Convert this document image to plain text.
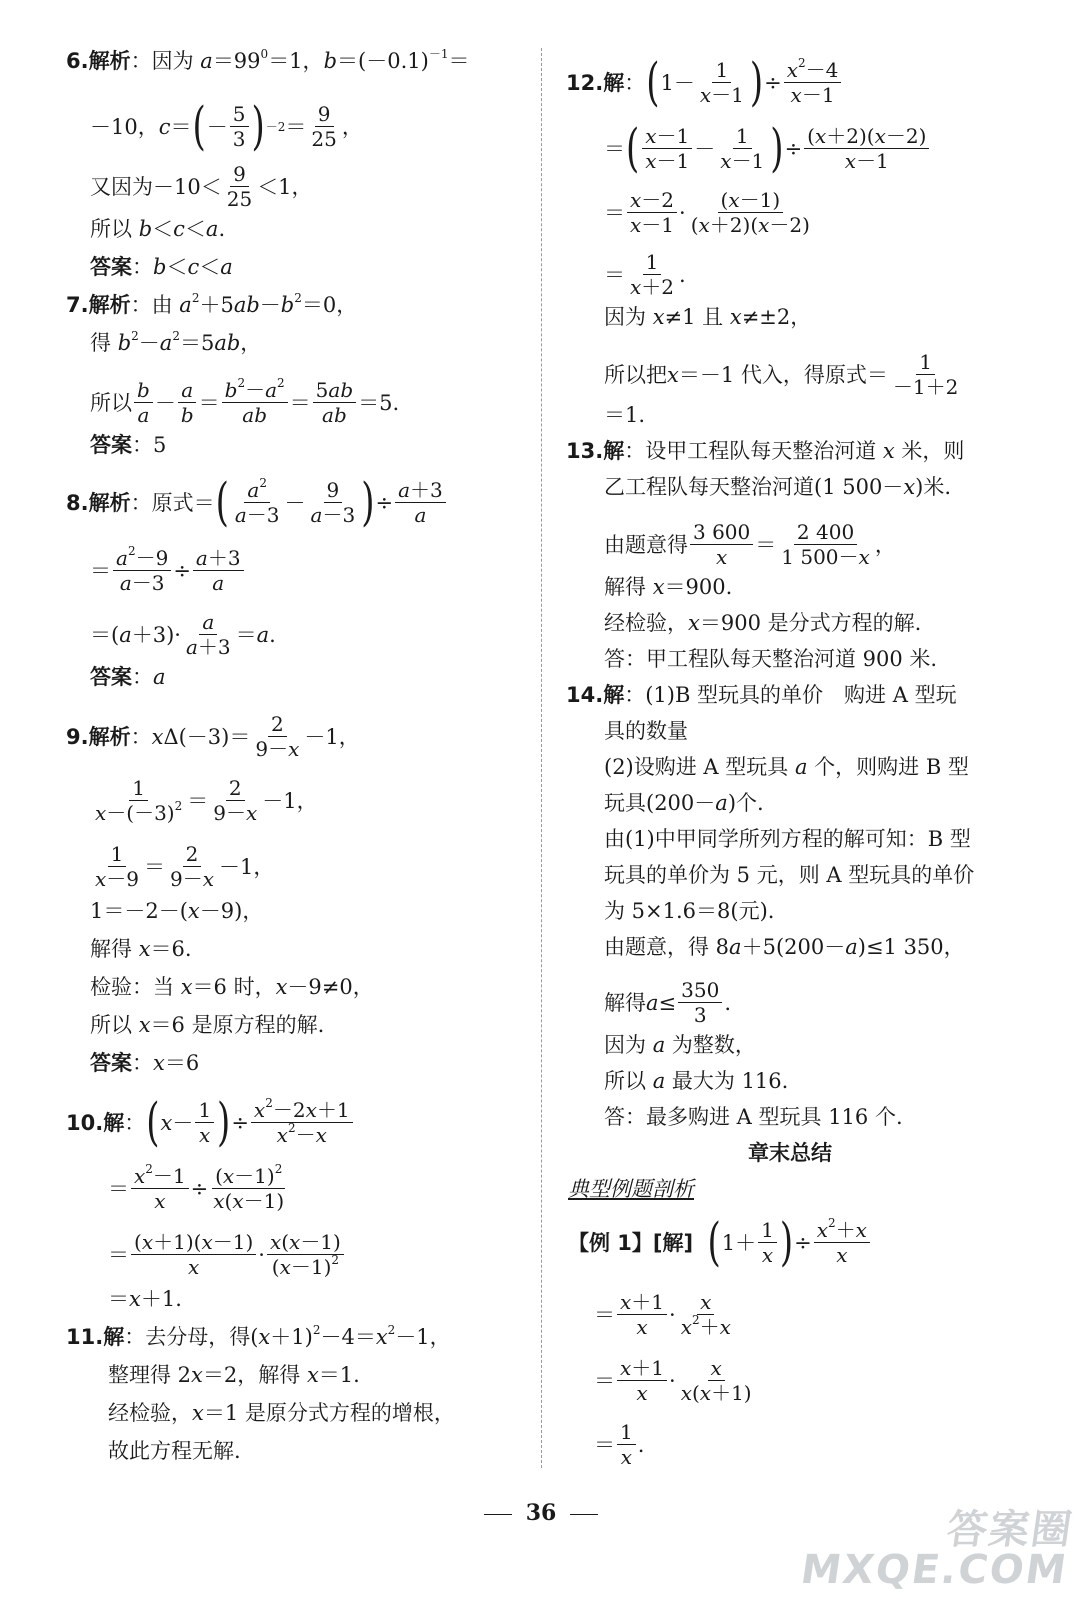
6.解析：因为 $a=99^0=1$，$b=(-0.1)^{-1}=$
－10， c ＝ ( －
5
3 ) －2 ＝
9
25
，
又因为－10＜
9
25
＜1，
所以 b＜c＜a.
答案：b＜c＜a
7.解析：由 $a^2+5ab-b^2=0$，
得 $b^2-a^2=5ab$，
所以
b
a
－
a
b
＝
$b^2-a^2$
ab
＝
5ab
ab
＝5.
答案：5
8.解析 ：原式＝ ( $a^2$
a－3
－
9
a－3 ) ÷
a＋3
a
＝
$a^2-9$
a－3
÷
a＋3
a
＝( a ＋3)·
a
a＋3
＝ a .
答案：a
9.解析 ： x Δ(－3)＝
2
9－x
－1，
1
$x-(-3)^2$ ＝
2
9－x
－1，
1
x－9
＝
2
9－x
－1，
1＝－2－(x－9)，
解得 x＝6.
检验：当 x＝6 时，x－9≠0，
所以 x＝6 是原方程的解.
答案：x＝6
10.解 ： ( x －
1
x ) ÷
$x^2-2x+1$
$x^2-x$
＝
$x^2-1$
x
÷
$(x-1)^2$
x(x－1)
＝
(x＋1)(x－1)
x
·
x(x－1)
$(x-1)^2$
＝x＋1.
11.解：去分母，得$(x+1)^2-4=x^2-1$，
整理得 2x＝2，解得 x＝1.
经检验，x＝1 是原分式方程的增根，
故此方程无解.
12.解 ： ( 1－
1
x－1 ) ÷
$x^2-4$
x－1
＝ ( x－1
x－1
－
1
x－1 ) ÷
(x＋2)(x－2)
x－1
＝
x－2
x－1
·
(x－1)
(x＋2)(x－2)
＝
1
x＋2
.
因为 x≠1 且 x≠±2，
所以把 x ＝－1 代入，得原式＝
1
－1＋2
＝1.
13.解：设甲工程队每天整治河道 x 米，则
乙工程队每天整治河道(1 500－x)米.
由题意得
3 600
x
＝
2 400
1 500－x
，
解得 x＝900.
经检验，x＝900 是分式方程的解.
答：甲工程队每天整治河道 900 米.
14.解：(1)B 型玩具的单价　购进 A 型玩
具的数量
(2)设购进 A 型玩具 a 个，则购进 B 型
玩具(200－a)个.
由(1)中甲同学所列方程的解可知：B 型
玩具的单价为 5 元，则 A 型玩具的单价
为 5×1.6＝8(元).
由题意，得 8a＋5(200－a)≤1 350，
解得 a ≤
350
3
.
因为 a 为整数，
所以 a 最大为 116.
答：最多购进 A 型玩具 116 个.
章末总结
典型例题剖析
【例 1】[解]
( 1＋
1
x ) ÷
$x^2+x$
x
＝
x＋1
x
·
x
$x^2+x$
＝
x＋1
x
·
x
x(x＋1)
＝
1
x
.
36	答案圈
MXQE.COM
